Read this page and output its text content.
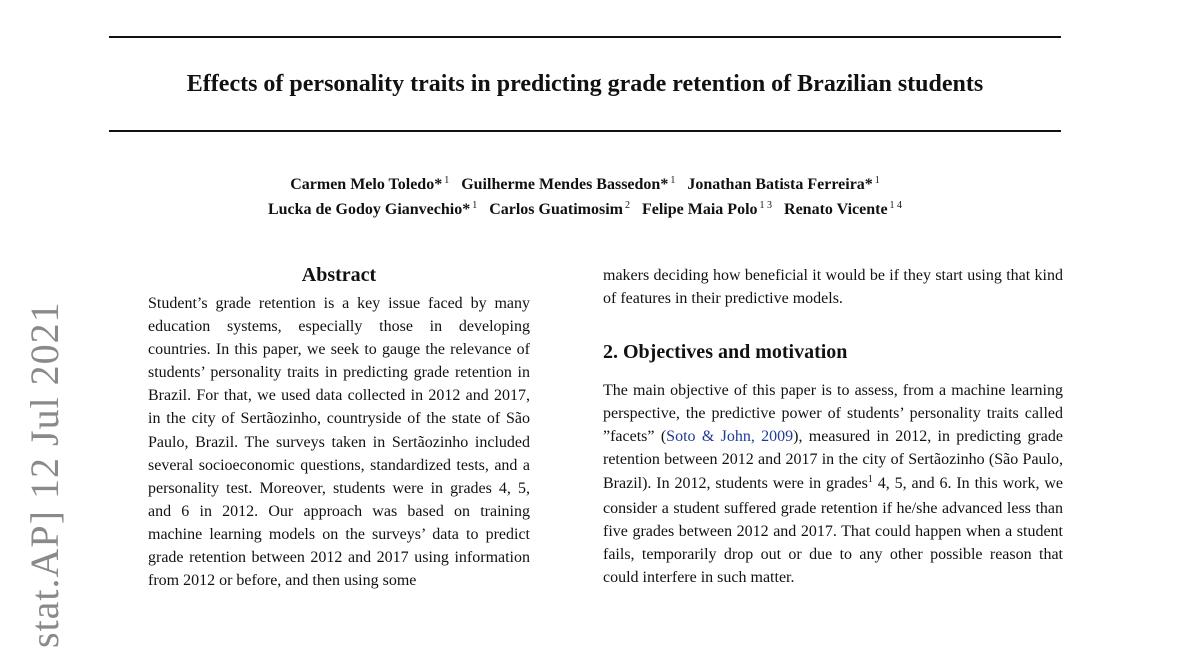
Effects of personality traits in predicting grade retention of Brazilian students
Carmen Melo Toledo* $^1$ Guilherme Mendes Bassedon* $^1$ Jonathan Batista Ferreira* $^1$
Lucka de Godoy Gianvechio* $^1$ Carlos Guatimosim $^2$ Felipe Maia Polo $^{1 3}$ Renato Vicente $^{1 4}$
stat.AP] 12 Jul 2021
Abstract

Student’s grade retention is a key issue faced by many education systems, especially those in developing countries. In this paper, we seek to gauge the relevance of students’ personality traits in predicting grade retention in Brazil. For that, we used data collected in 2012 and 2017, in the city of Sertãozinho, countryside of the state of São Paulo, Brazil. The surveys taken in Sertãozinho included several socioeconomic questions, standardized tests, and a personality test. Moreover, students were in grades 4, 5, and 6 in 2012. Our approach was based on training machine learning models on the surveys’ data to predict grade retention between 2012 and 2017 using information from 2012 or before, and then using some

makers deciding how beneficial it would be if they start using that kind of features in their predictive models.

2. Objectives and motivation

The main objective of this paper is to assess, from a machine learning perspective, the predictive power of students’ personality traits called ”facets” (Soto & John, 2009), measured in 2012, in predicting grade retention between 2012 and 2017 in the city of Sertãozinho (São Paulo, Brazil). In 2012, students were in grades$^1$ 4, 5, and 6. In this work, we consider a student suffered grade retention if he/she advanced less than five grades between 2012 and 2017. That could happen when a student fails, temporarily drop out or due to any other possible reason that could interfere in such matter.
